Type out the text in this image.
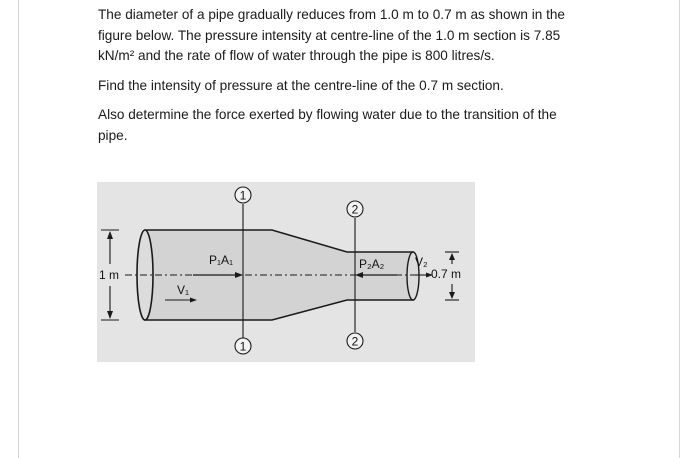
The diameter of a pipe gradually reduces from 1.0 m to 0.7 m as shown in the
figure below. The pressure intensity at centre-line of the 1.0 m section is 7.85
kN/m² and the rate of flow of water through the pipe is 800 litres/s.

Find the intensity of pressure at the centre-line of the 0.7 m section.

Also determine the force exerted by flowing water due to the transition of the
pipe.

1
1
2
2
P₁A₁
V₁
P₂A₂	V₂
1 m	0.7 m
